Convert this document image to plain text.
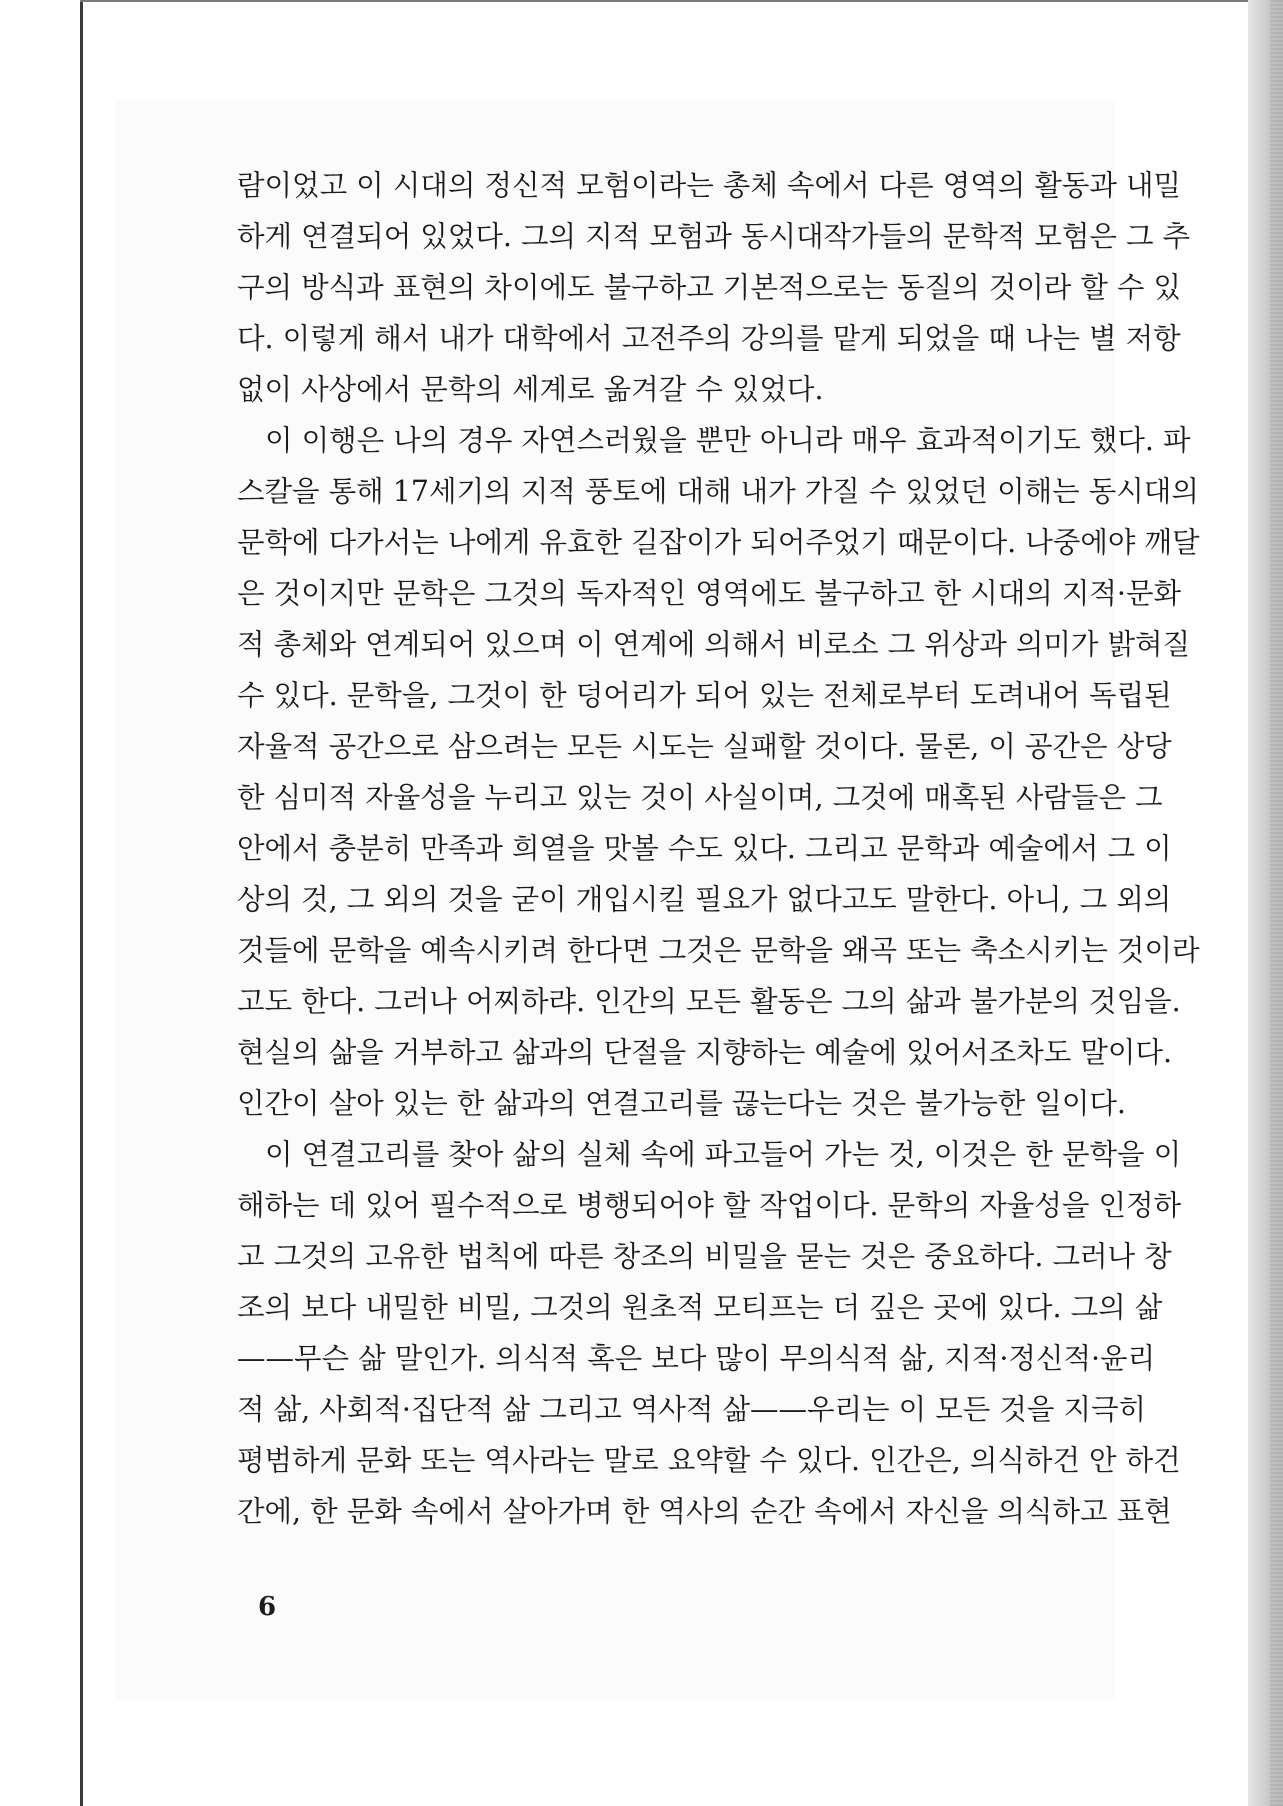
람이었고 이 시대의 정신적 모험이라는 총체 속에서 다른 영역의 활동과 내밀
하게 연결되어 있었다. 그의 지적 모험과 동시대작가들의 문학적 모험은 그 추
구의 방식과 표현의 차이에도 불구하고 기본적으로는 동질의 것이라 할 수 있
다. 이렇게 해서 내가 대학에서 고전주의 강의를 맡게 되었을 때 나는 별 저항
없이 사상에서 문학의 세계로 옮겨갈 수 있었다.
이 이행은 나의 경우 자연스러웠을 뿐만 아니라 매우 효과적이기도 했다. 파
스칼을 통해 17세기의 지적 풍토에 대해 내가 가질 수 있었던 이해는 동시대의
문학에 다가서는 나에게 유효한 길잡이가 되어주었기 때문이다. 나중에야 깨달
은 것이지만 문학은 그것의 독자적인 영역에도 불구하고 한 시대의 지적·문화
적 총체와 연계되어 있으며 이 연계에 의해서 비로소 그 위상과 의미가 밝혀질
수 있다. 문학을, 그것이 한 덩어리가 되어 있는 전체로부터 도려내어 독립된
자율적 공간으로 삼으려는 모든 시도는 실패할 것이다. 물론, 이 공간은 상당
한 심미적 자율성을 누리고 있는 것이 사실이며, 그것에 매혹된 사람들은 그
안에서 충분히 만족과 희열을 맛볼 수도 있다. 그리고 문학과 예술에서 그 이
상의 것, 그 외의 것을 굳이 개입시킬 필요가 없다고도 말한다. 아니, 그 외의
것들에 문학을 예속시키려 한다면 그것은 문학을 왜곡 또는 축소시키는 것이라
고도 한다. 그러나 어찌하랴. 인간의 모든 활동은 그의 삶과 불가분의 것임을.
현실의 삶을 거부하고 삶과의 단절을 지향하는 예술에 있어서조차도 말이다.
인간이 살아 있는 한 삶과의 연결고리를 끊는다는 것은 불가능한 일이다.
이 연결고리를 찾아 삶의 실체 속에 파고들어 가는 것, 이것은 한 문학을 이
해하는 데 있어 필수적으로 병행되어야 할 작업이다. 문학의 자율성을 인정하
고 그것의 고유한 법칙에 따른 창조의 비밀을 묻는 것은 중요하다. 그러나 창
조의 보다 내밀한 비밀, 그것의 원초적 모티프는 더 깊은 곳에 있다. 그의 삶
——무슨 삶 말인가. 의식적 혹은 보다 많이 무의식적 삶, 지적·정신적·윤리
적 삶, 사회적·집단적 삶 그리고 역사적 삶——우리는 이 모든 것을 지극히
평범하게 문화 또는 역사라는 말로 요약할 수 있다. 인간은, 의식하건 안 하건
간에, 한 문화 속에서 살아가며 한 역사의 순간 속에서 자신을 의식하고 표현
6
